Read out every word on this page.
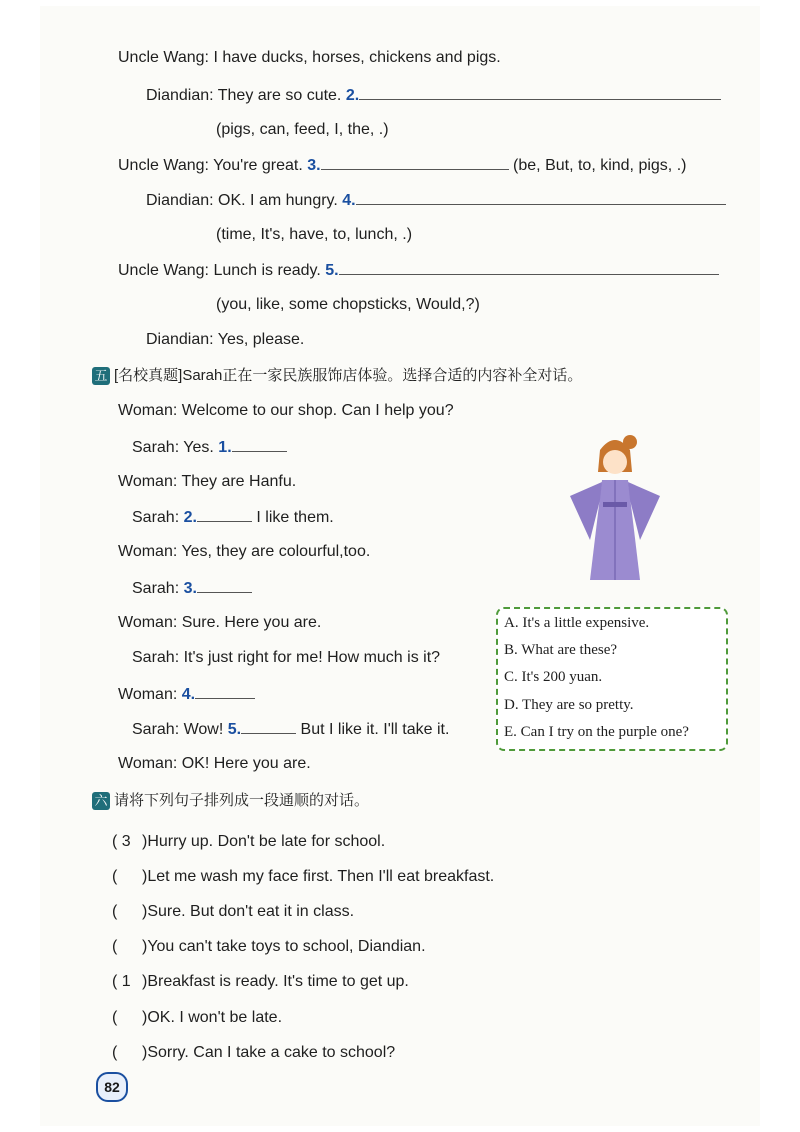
Uncle Wang: I have ducks, horses, chickens and pigs.
Diandian: They are so cute. 2.
(pigs, can, feed, I, the, .)
Uncle Wang: You're great. 3.	(be, But, to, kind, pigs, .)
Diandian: OK. I am hungry. 4.
(time, It's, have, to, lunch, .)
Uncle Wang: Lunch is ready. 5.
(you, like, some chopsticks, Would,?)
Diandian: Yes, please.
五 [名校真题]Sarah正在一家民族服饰店体验。选择合适的内容补全对话。
Woman: Welcome to our shop. Can I help you?
Sarah: Yes. 1.
Woman: They are Hanfu.
Sarah: 2.	I like them.
Woman: Yes, they are colourful,too.
Sarah: 3.
Woman: Sure. Here you are.
Sarah: It's just right for me! How much is it?
Woman: 4.
Sarah: Wow! 5.	But I like it. I'll take it.
Woman: OK! Here you are.
A. It's a little expensive.
B. What are these?
C. It's 200 yuan.
D. They are so pretty.
E. Can I try on the purple one?
六 请将下列句子排列成一段通顺的对话。
( 3 )Hurry up. Don't be late for school.
()Let me wash my face first. Then I'll eat breakfast.
()Sure. But don't eat it in class.
()You can't take toys to school, Diandian.
( 1 )Breakfast is ready. It's time to get up.
()OK. I won't be late.
()Sorry. Can I take a cake to school?
82
